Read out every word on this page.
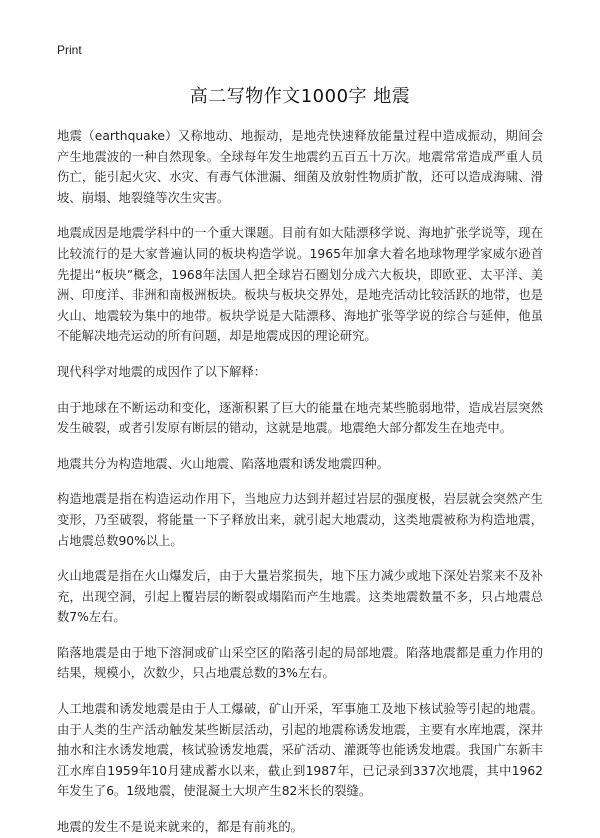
Print
高二写物作文1000字 地震

地震（earthquake）又称地动、地振动，是地壳快速释放能量过程中造成振动，期间会产生地震波的一种自然现象。全球每年发生地震约五百五十万次。地震常常造成严重人员伤亡，能引起火灾、水灾、有毒气体泄漏、细菌及放射性物质扩散，还可以造成海啸、滑坡、崩塌、地裂缝等次生灾害。

地震成因是地震学科中的一个重大课题。目前有如大陆漂移学说、海地扩张学说等，现在比较流行的是大家普遍认同的板块构造学说。1965年加拿大着名地球物理学家威尔逊首先提出“板块”概念，1968年法国人把全球岩石圈划分成六大板块，即欧亚、太平洋、美洲、印度洋、非洲和南极洲板块。板块与板块交界处，是地壳活动比较活跃的地带，也是火山、地震较为集中的地带。板块学说是大陆漂移、海地扩张等学说的综合与延伸，他虽不能解决地壳运动的所有问题，却是地震成因的理论研究。

现代科学对地震的成因作了以下解释：

由于地球在不断运动和变化，逐渐积累了巨大的能量在地壳某些脆弱地带，造成岩层突然发生破裂，或者引发原有断层的错动，这就是地震。地震绝大部分都发生在地壳中。

地震共分为构造地震、火山地震、陷落地震和诱发地震四种。

构造地震是指在构造运动作用下，当地应力达到并超过岩层的强度极，岩层就会突然产生变形，乃至破裂，将能量一下子释放出来，就引起大地震动，这类地震被称为构造地震，占地震总数90%以上。

火山地震是指在火山爆发后，由于大量岩浆损失，地下压力减少或地下深处岩浆来不及补充，出现空洞，引起上覆岩层的断裂或塌陷而产生地震。这类地震数量不多，只占地震总数7%左右。

陷落地震是由于地下溶洞或矿山采空区的陷落引起的局部地震。陷落地震都是重力作用的结果，规模小，次数少，只占地震总数的3%左右。

人工地震和诱发地震是由于人工爆破，矿山开采，军事施工及地下核试验等引起的地震。由于人类的生产活动触发某些断层活动，引起的地震称诱发地震，主要有水库地震，深井抽水和注水诱发地震，核试验诱发地震，采矿活动、灌溉等也能诱发地震。我国广东新丰江水库自1959年10月建成蓄水以来，截止到1987年，已记录到337次地震，其中1962年发生了6。1级地震，使混凝土大坝产生82米长的裂缝。

地震的发生不是说来就来的，都是有前兆的。
